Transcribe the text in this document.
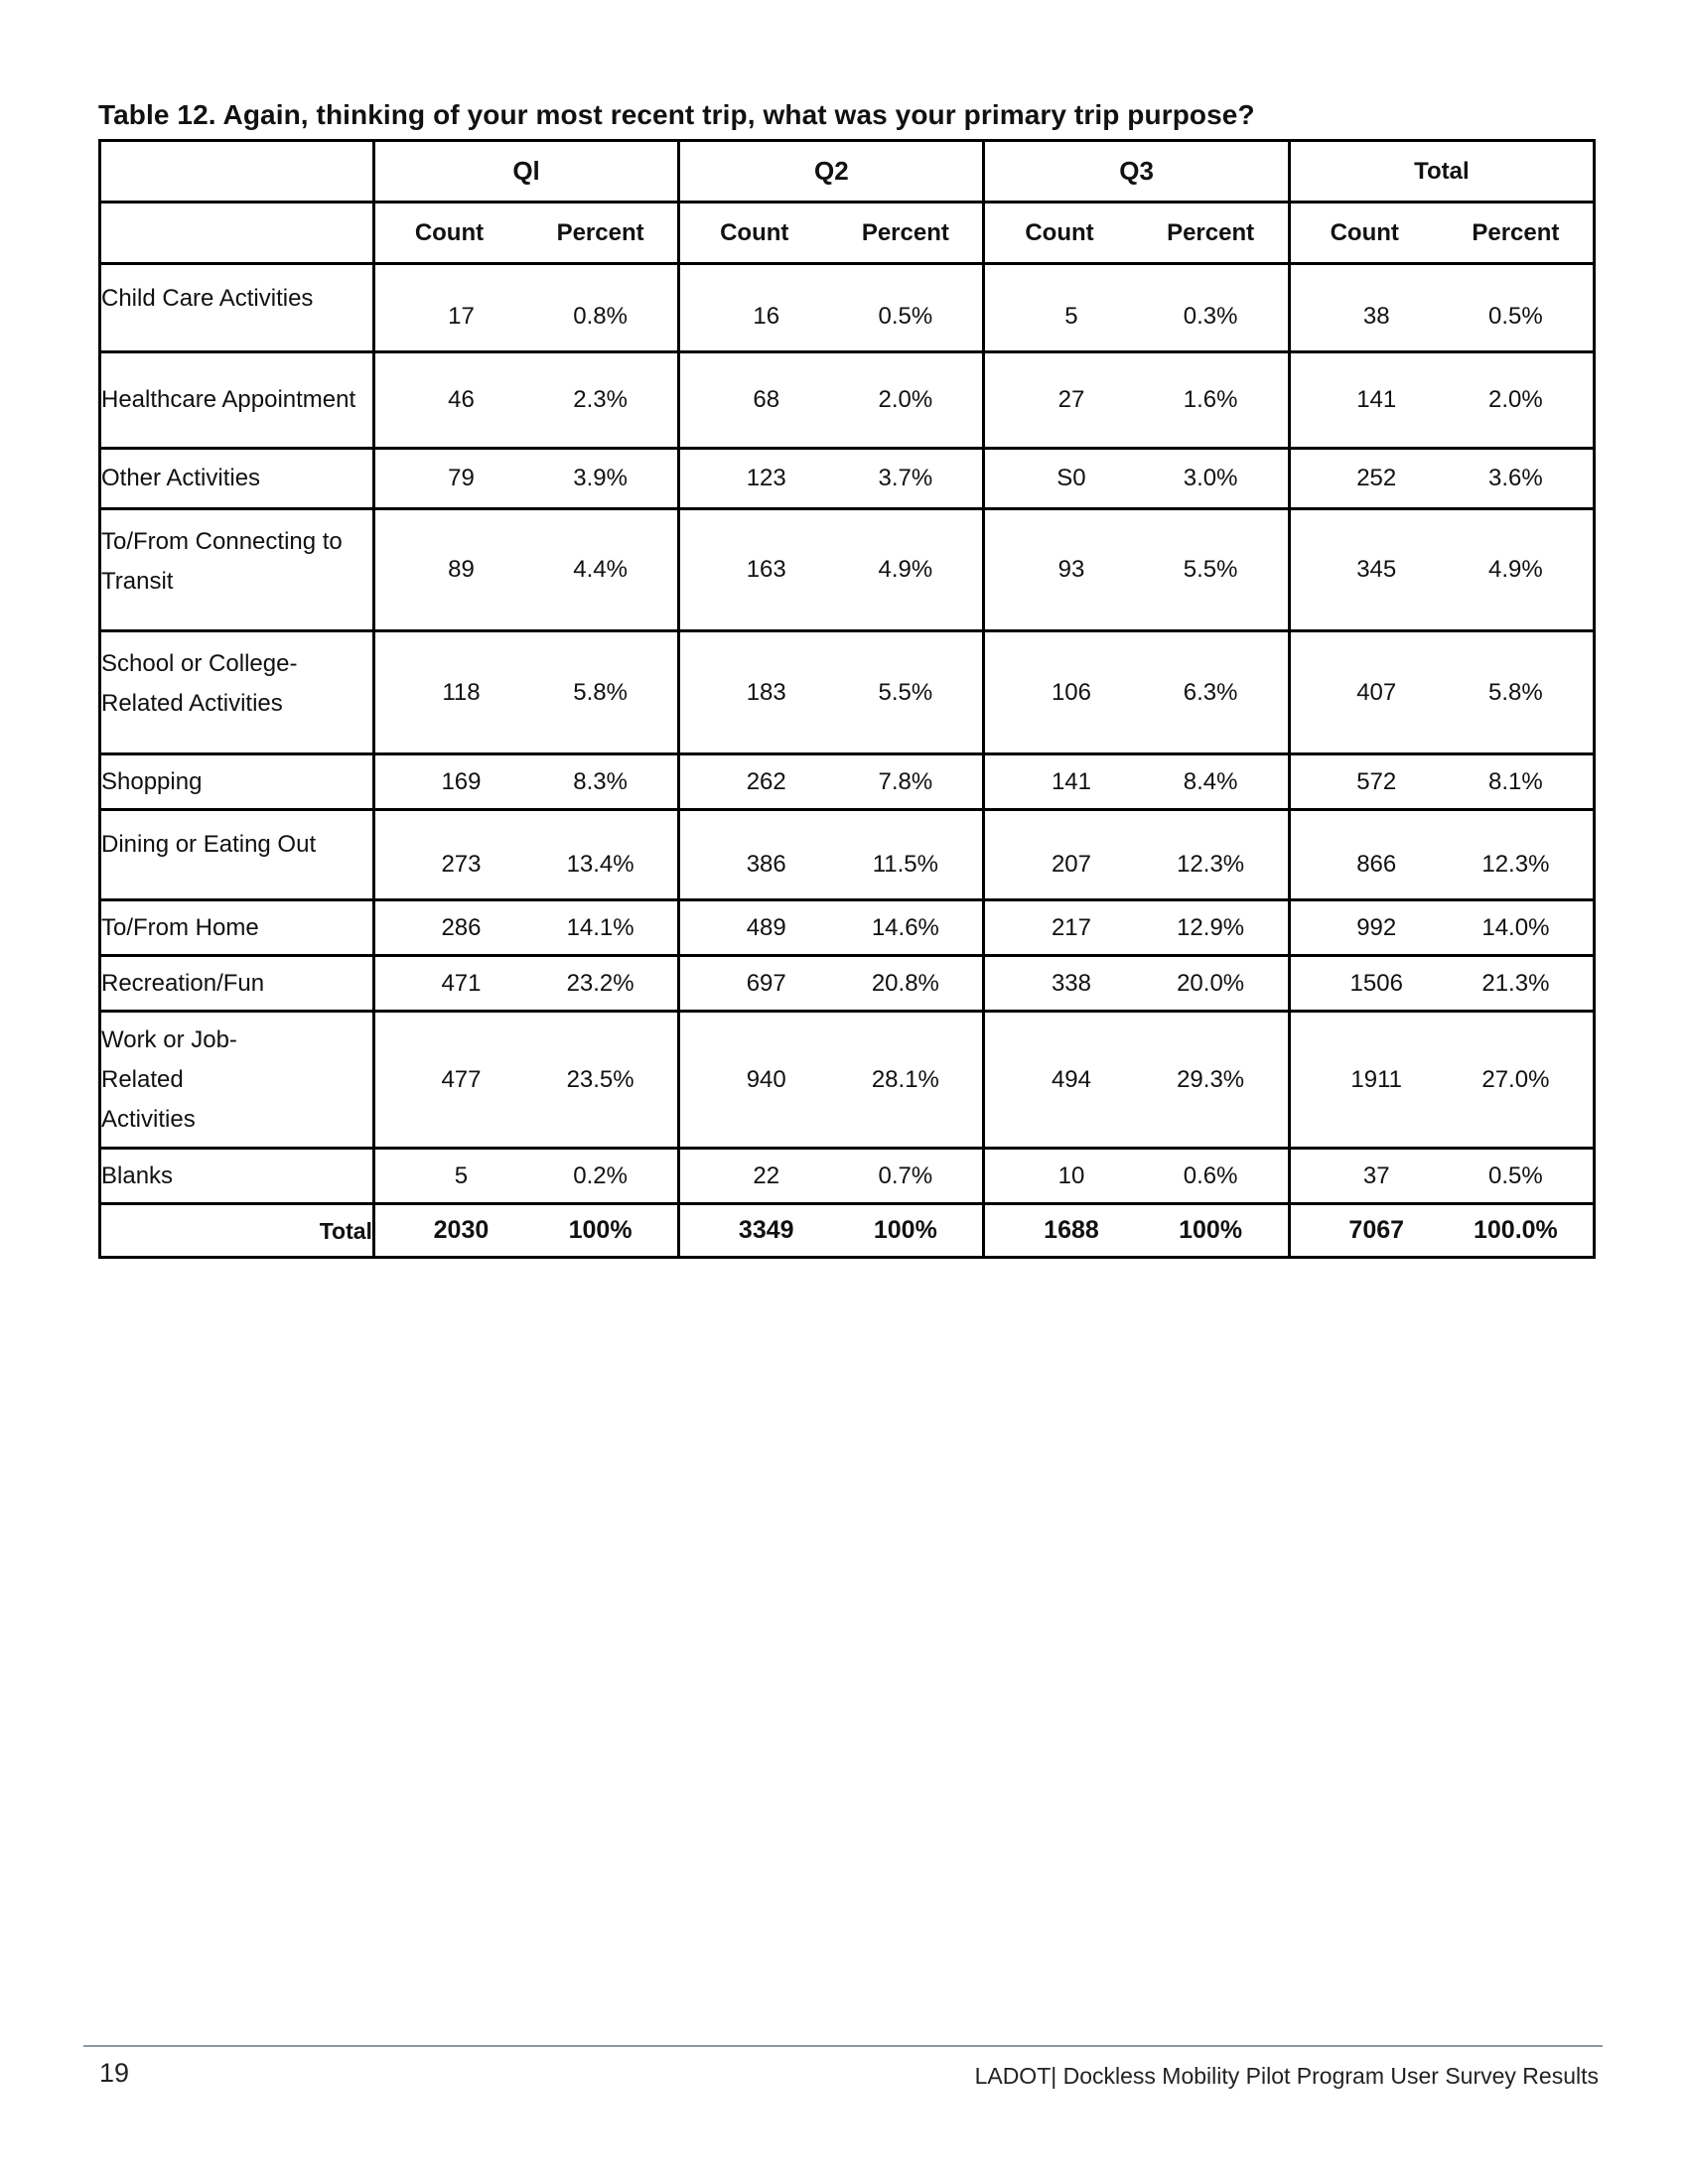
Table 12. Again, thinking of your most recent trip, what was your primary trip purpose?
	Ql		Q2		Q3		Total	
	Count	Percent	Count	Percent	Count	Percent	Count	Percent
Child Care Activities	17	0.8%	16	0.5%	5	0.3%	38	0.5%
Healthcare Appointment	46	2.3%	68	2.0%	27	1.6%	141	2.0%
Other Activities	79	3.9%	123	3.7%	S0	3.0%	252	3.6%
To/From Connecting to Transit	89	4.4%	163	4.9%	93	5.5%	345	4.9%
School or College-Related Activities	118	5.8%	183	5.5%	106	6.3%	407	5.8%
Shopping	169	8.3%	262	7.8%	141	8.4%	572	8.1%
Dining or Eating Out	273	13.4%	386	11.5%	207	12.3%	866	12.3%
To/From Home	286	14.1%	489	14.6%	217	12.9%	992	14.0%
Recreation/Fun	471	23.2%	697	20.8%	338	20.0%	1506	21.3%
Work or Job-Related Activities	477	23.5%	940	28.1%	494	29.3%	1911	27.0%
Blanks	5	0.2%	22	0.7%	10	0.6%	37	0.5%
Total	2030	100%	3349	100%	1688	100%	7067	100.0%
19	LADOT| Dockless Mobility Pilot Program User Survey Results
